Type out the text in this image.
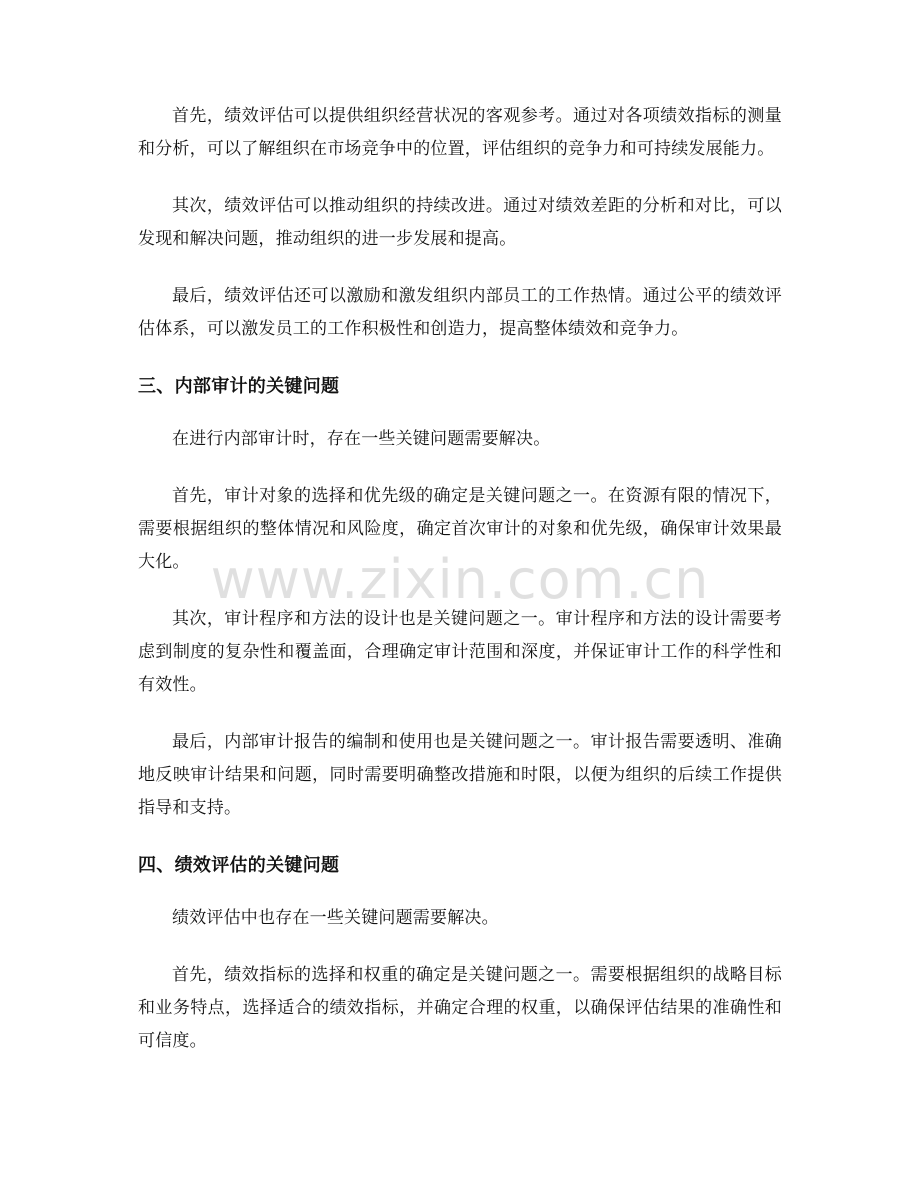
首先，绩效评估可以提供组织经营状况的客观参考。通过对各项绩效指标的测量和分析，可以了解组织在市场竞争中的位置，评估组织的竞争力和可持续发展能力。

其次，绩效评估可以推动组织的持续改进。通过对绩效差距的分析和对比，可以发现和解决问题，推动组织的进一步发展和提高。

最后，绩效评估还可以激励和激发组织内部员工的工作热情。通过公平的绩效评估体系，可以激发员工的工作积极性和创造力，提高整体绩效和竞争力。

三、内部审计的关键问题

在进行内部审计时，存在一些关键问题需要解决。

首先，审计对象的选择和优先级的确定是关键问题之一。在资源有限的情况下，需要根据组织的整体情况和风险度，确定首次审计的对象和优先级，确保审计效果最大化。

其次，审计程序和方法的设计也是关键问题之一。审计程序和方法的设计需要考虑到制度的复杂性和覆盖面，合理确定审计范围和深度，并保证审计工作的科学性和有效性。

最后，内部审计报告的编制和使用也是关键问题之一。审计报告需要透明、准确地反映审计结果和问题，同时需要明确整改措施和时限，以便为组织的后续工作提供指导和支持。

四、绩效评估的关键问题

绩效评估中也存在一些关键问题需要解决。

首先，绩效指标的选择和权重的确定是关键问题之一。需要根据组织的战略目标和业务特点，选择适合的绩效指标，并确定合理的权重，以确保评估结果的准确性和可信度。

www.zixin.com.cn
